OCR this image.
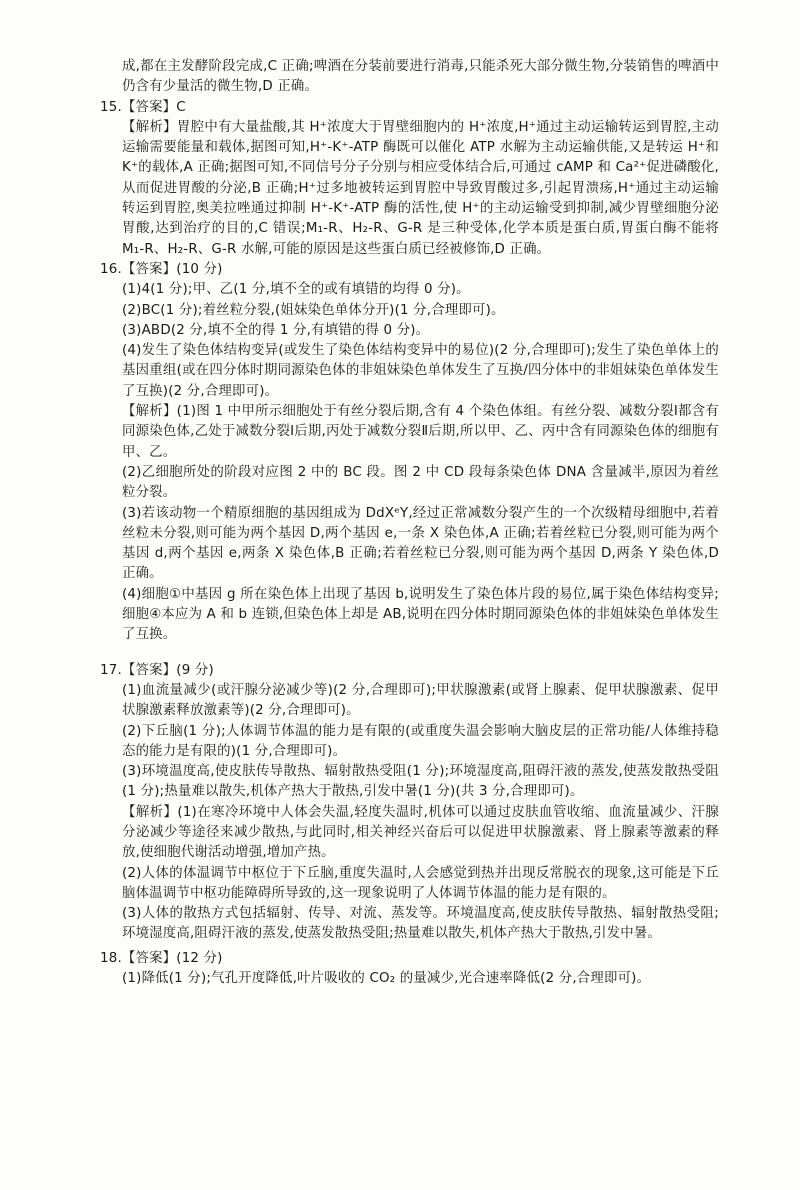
成,都在主发酵阶段完成,C 正确;啤酒在分装前要进行消毒,只能杀死大部分微生物,分装销售的啤酒中仍含有少量活的微生物,D 正确。
15.【答案】C
【解析】胃腔中有大量盐酸,其 H⁺浓度大于胃壁细胞内的 H⁺浓度,H⁺通过主动运输转运到胃腔,主动运输需要能量和载体,据图可知,H⁺-K⁺-ATP 酶既可以催化 ATP 水解为主动运输供能,又是转运 H⁺和 K⁺的载体,A 正确;据图可知,不同信号分子分别与相应受体结合后,可通过 cAMP 和 Ca²⁺促进磷酸化,从而促进胃酸的分泌,B 正确;H⁺过多地被转运到胃腔中导致胃酸过多,引起胃溃疡,H⁺通过主动运输转运到胃腔,奥美拉唑通过抑制 H⁺-K⁺-ATP 酶的活性,使 H⁺的主动运输受到抑制,减少胃壁细胞分泌胃酸,达到治疗的目的,C 错误;M₁-R、H₂-R、G-R 是三种受体,化学本质是蛋白质,胃蛋白酶不能将 M₁-R、H₂-R、G-R 水解,可能的原因是这些蛋白质已经被修饰,D 正确。
16.【答案】(10 分)
(1)4(1 分);甲、乙(1 分,填不全的或有填错的均得 0 分)。
(2)BC(1 分);着丝粒分裂,(姐妹染色单体分开)(1 分,合理即可)。
(3)ABD(2 分,填不全的得 1 分,有填错的得 0 分)。
(4)发生了染色体结构变异(或发生了染色体结构变异中的易位)(2 分,合理即可);发生了染色单体上的基因重组(或在四分体时期同源染色体的非姐妹染色单体发生了互换/四分体中的非姐妹染色单体发生了互换)(2 分,合理即可)。
【解析】(1)图 1 中甲所示细胞处于有丝分裂后期,含有 4 个染色体组。有丝分裂、减数分裂Ⅰ都含有同源染色体,乙处于减数分裂Ⅰ后期,丙处于减数分裂Ⅱ后期,所以甲、乙、丙中含有同源染色体的细胞有甲、乙。
(2)乙细胞所处的阶段对应图 2 中的 BC 段。图 2 中 CD 段每条染色体 DNA 含量减半,原因为着丝粒分裂。
(3)若该动物一个精原细胞的基因组成为 DdXᵉY,经过正常减数分裂产生的一个次级精母细胞中,若着丝粒未分裂,则可能为两个基因 D,两个基因 e,一条 X 染色体,A 正确;若着丝粒已分裂,则可能为两个基因 d,两个基因 e,两条 X 染色体,B 正确;若着丝粒已分裂,则可能为两个基因 D,两条 Y 染色体,D 正确。
(4)细胞①中基因 g 所在染色体上出现了基因 b,说明发生了染色体片段的易位,属于染色体结构变异;细胞④本应为 A 和 b 连锁,但染色体上却是 AB,说明在四分体时期同源染色体的非姐妹染色单体发生了互换。
17.【答案】(9 分)
(1)血流量减少(或汗腺分泌减少等)(2 分,合理即可);甲状腺激素(或肾上腺素、促甲状腺激素、促甲状腺激素释放激素等)(2 分,合理即可)。
(2)下丘脑(1 分);人体调节体温的能力是有限的(或重度失温会影响大脑皮层的正常功能/人体维持稳态的能力是有限的)(1 分,合理即可)。
(3)环境温度高,使皮肤传导散热、辐射散热受阻(1 分);环境湿度高,阻碍汗液的蒸发,使蒸发散热受阻(1 分);热量难以散失,机体产热大于散热,引发中暑(1 分)(共 3 分,合理即可)。
【解析】(1)在寒冷环境中人体会失温,轻度失温时,机体可以通过皮肤血管收缩、血流量减少、汗腺分泌减少等途径来减少散热,与此同时,相关神经兴奋后可以促进甲状腺激素、肾上腺素等激素的释放,使细胞代谢活动增强,增加产热。
(2)人体的体温调节中枢位于下丘脑,重度失温时,人会感觉到热并出现反常脱衣的现象,这可能是下丘脑体温调节中枢功能障碍所导致的,这一现象说明了人体调节体温的能力是有限的。
(3)人体的散热方式包括辐射、传导、对流、蒸发等。环境温度高,使皮肤传导散热、辐射散热受阻;环境湿度高,阻碍汗液的蒸发,使蒸发散热受阻;热量难以散失,机体产热大于散热,引发中暑。
18.【答案】(12 分)
(1)降低(1 分);气孔开度降低,叶片吸收的 CO₂ 的量减少,光合速率降低(2 分,合理即可)。
